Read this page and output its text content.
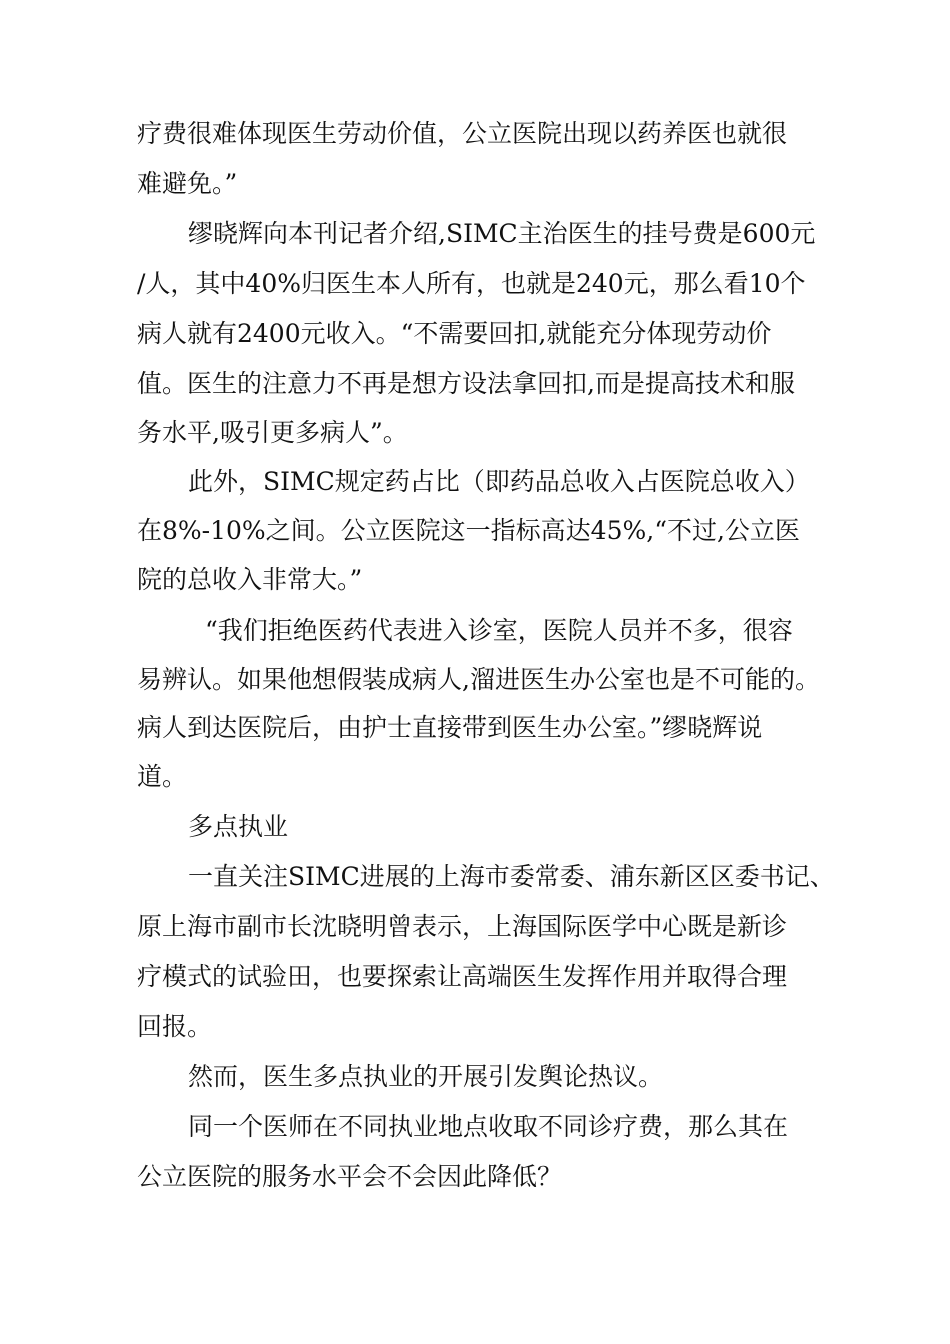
疗费很难体现医生劳动价值，公立医院出现以药养医也就很

难避免。”

缪晓辉向本刊记者介绍,SIMC主治医生的挂号费是600元

/人，其中40%归医生本人所有，也就是240元，那么看10个

病人就有2400元收入。“不需要回扣,就能充分体现劳动价

值。医生的注意力不再是想方设法拿回扣,而是提高技术和服

务水平,吸引更多病人”。

此外，SIMC规定药占比（即药品总收入占医院总收入）

在8%-10%之间。公立医院这一指标高达45%,“不过,公立医

院的总收入非常大。”

“我们拒绝医药代表进入诊室，医院人员并不多，很容

易辨认。如果他想假装成病人,溜进医生办公室也是不可能的。

病人到达医院后，由护士直接带到医生办公室。”缪晓辉说

道。

多点执业

一直关注SIMC进展的上海市委常委、浦东新区区委书记、

原上海市副市长沈晓明曾表示，上海国际医学中心既是新诊

疗模式的试验田，也要探索让高端医生发挥作用并取得合理

回报。

然而，医生多点执业的开展引发舆论热议。

同一个医师在不同执业地点收取不同诊疗费，那么其在

公立医院的服务水平会不会因此降低？
